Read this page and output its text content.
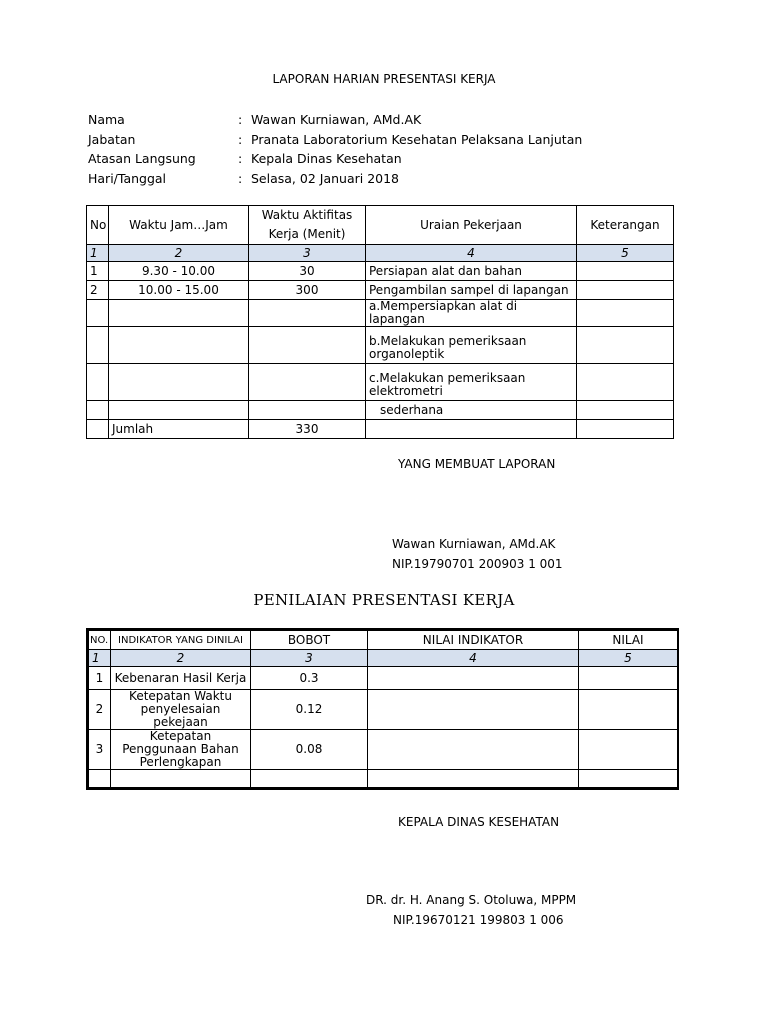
LAPORAN HARIAN PRESENTASI KERJA
Nama	: Wawan Kurniawan, AMd.AK
Jabatan	: Pranata Laboratorium Kesehatan Pelaksana Lanjutan
Atasan Langsung	: Kepala Dinas Kesehatan
Hari/Tanggal	: Selasa, 02 Januari 2018
No	Waktu Jam…Jam	Waktu Aktifitas Kerja (Menit)	Uraian Pekerjaan	Keterangan
1	2	3	4	5
1	9.30 - 10.00	30	Persiapan alat dan bahan	
2	10.00 - 15.00	300	Pengambilan sampel di lapangan	
			a.Mempersiapkan alat di lapangan	
			b.Melakukan pemeriksaan organoleptik	
			c.Melakukan pemeriksaan elektrometri	
			sederhana	
	Jumlah	330		
YANG MEMBUAT LAPORAN
Wawan Kurniawan, AMd.AK
NIP.19790701 200903 1 001
PENILAIAN PRESENTASI KERJA
NO.	INDIKATOR YANG DINILAI	BOBOT	NILAI INDIKATOR	NILAI
1	2	3	4	5
1	Kebenaran Hasil Kerja	0.3		
2	Ketepatan Waktu penyelesaian pekejaan	0.12		
3	Ketepatan Penggunaan Bahan Perlengkapan	0.08		

KEPALA DINAS KESEHATAN
DR. dr. H. Anang S. Otoluwa, MPPM
NIP.19670121 199803 1 006
